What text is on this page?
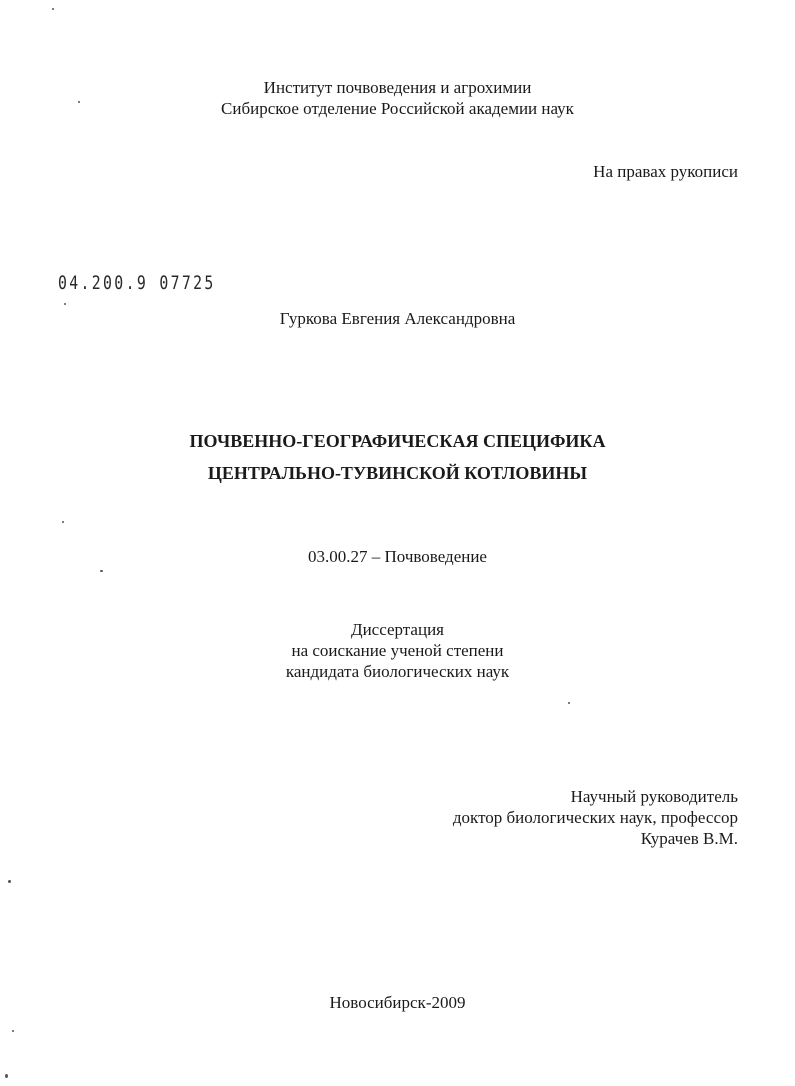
Институт почвоведения и агрохимии
Сибирское отделение Российской академии наук
На правах рукописи
04.200.9 07725
Гуркова Евгения Александровна
ПОЧВЕННО-ГЕОГРАФИЧЕСКАЯ СПЕЦИФИКА
ЦЕНТРАЛЬНО-ТУВИНСКОЙ КОТЛОВИНЫ
03.00.27 – Почвоведение
Диссертация
на соискание ученой степени
кандидата биологических наук
Научный руководитель
доктор биологических наук, профессор
Курачев В.М.
Новосибирск-2009
